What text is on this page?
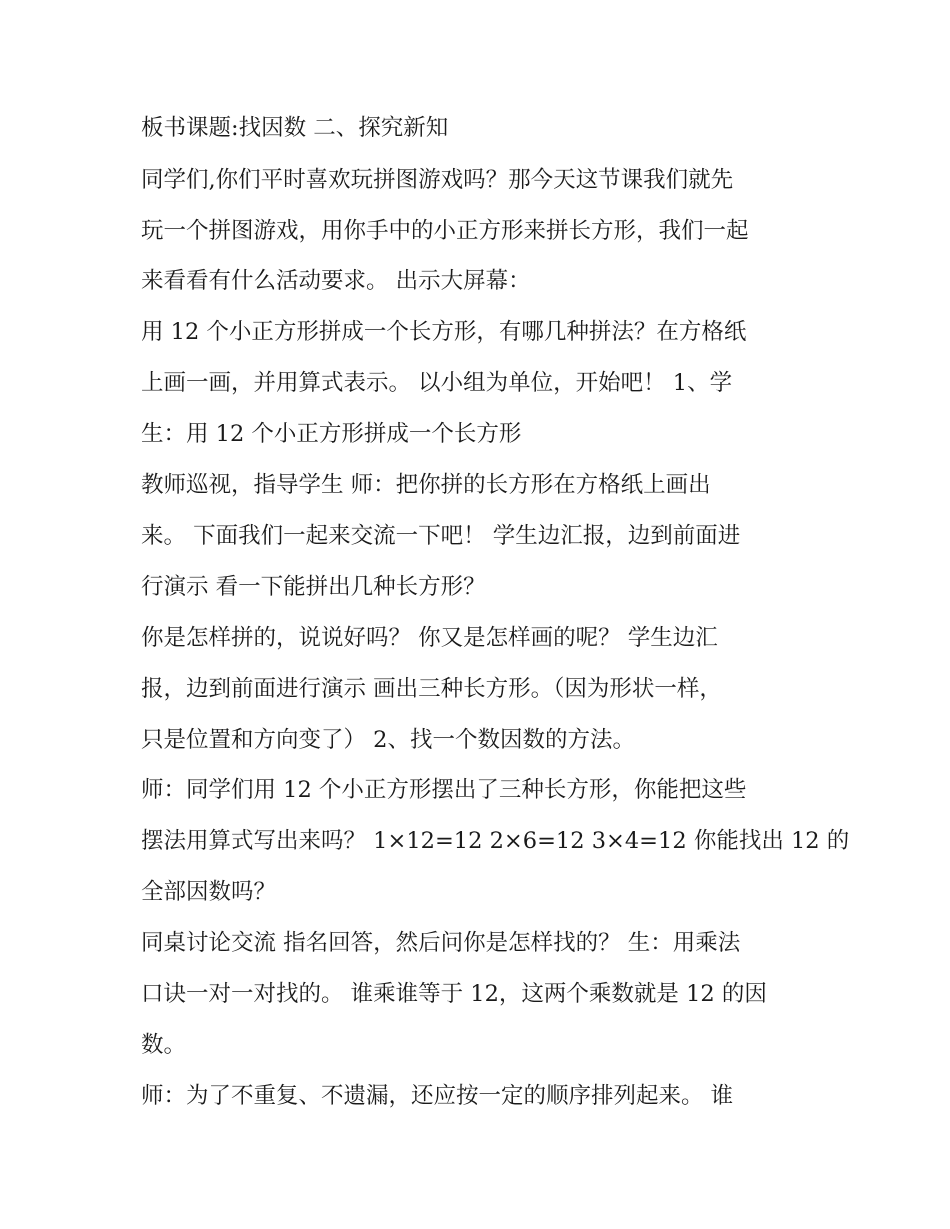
板书课题:找因数 二、探究新知
同学们,你们平时喜欢玩拼图游戏吗？那今天这节课我们就先
玩一个拼图游戏，用你手中的小正方形来拼长方形，我们一起
来看看有什么活动要求。 出示大屏幕：
用 12 个小正方形拼成一个长方形，有哪几种拼法？在方格纸
上画一画，并用算式表示。 以小组为单位，开始吧！ 1、学
生：用 12 个小正方形拼成一个长方形
教师巡视，指导学生 师：把你拼的长方形在方格纸上画出
来。 下面我们一起来交流一下吧！ 学生边汇报，边到前面进
行演示 看一下能拼出几种长方形？
你是怎样拼的，说说好吗？ 你又是怎样画的呢？ 学生边汇
报，边到前面进行演示 画出三种长方形。（因为形状一样，
只是位置和方向变了） 2、找一个数因数的方法。
师：同学们用 12 个小正方形摆出了三种长方形，你能把这些
摆法用算式写出来吗？ 1×12=12 2×6=12 3×4=12 你能找出 12 的
全部因数吗？
同桌讨论交流 指名回答，然后问你是怎样找的？ 生：用乘法
口诀一对一对找的。 谁乘谁等于 12，这两个乘数就是 12 的因
数。
师：为了不重复、不遗漏，还应按一定的顺序排列起来。 谁
